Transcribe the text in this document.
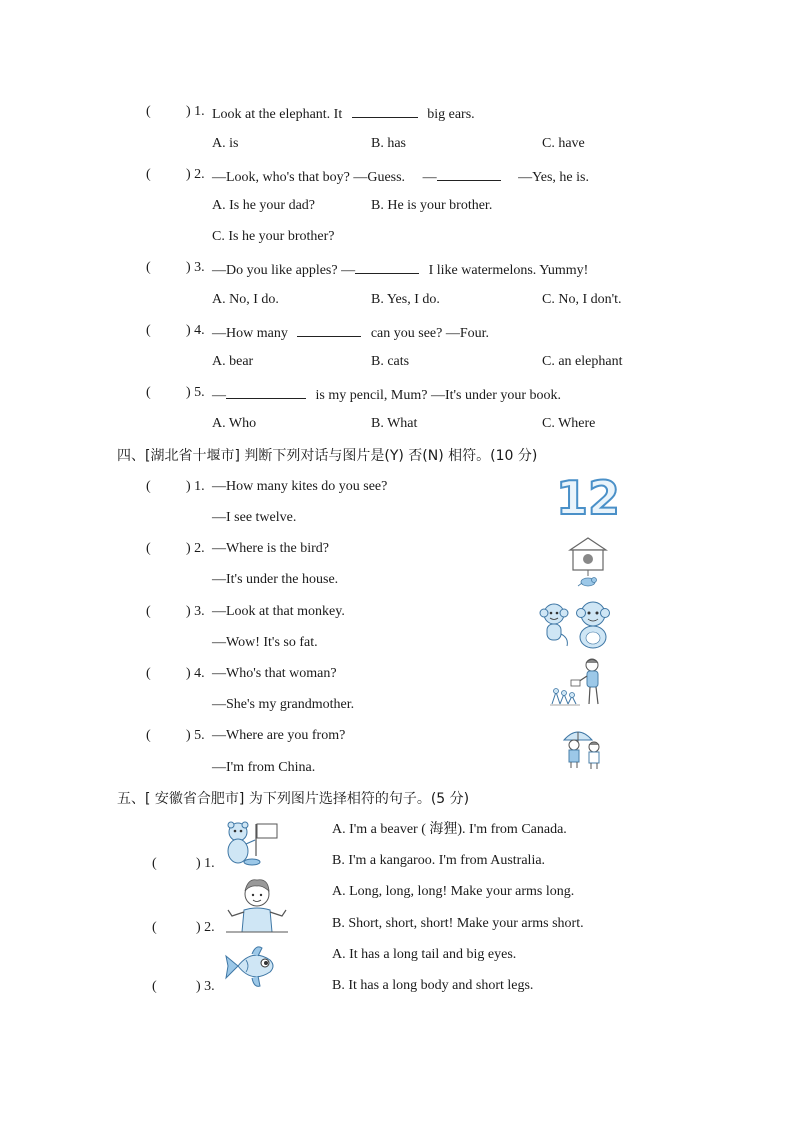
(	) 1. Look at the elephant. It	big ears.
A. is	B. has	C. have
(	) 2. —Look, who's that boy? —Guess. —	—Yes, he is.
A. Is he your dad?	B. He is your brother.
C. Is he your brother?
(	) 3. —Do you like apples? —	I like watermelons. Yummy!
A. No, I do.	B. Yes, I do.	C. No, I don't.
(	) 4. —How many	can you see? —Four.
A. bear	B. cats	C. an elephant
(	) 5. —	is my pencil, Mum? —It's under your book.
A. Who	B. What	C. Where
四、[湖北省十堰市] 判断下列对话与图片是(Y) 否(N) 相符。(10 分)
(	) 1. —How many kites do you see?
—I see twelve.
(	) 2. —Where is the bird?
—It's under the house.
(	) 3. —Look at that monkey.
—Wow! It's so fat.
(	) 4. —Who's that woman?
—She's my grandmother.
(	) 5. —Where are you from?
—I'm from China.
12
五、[ 安徽省合肥市] 为下列图片选择相符的句子。(5 分)
(	) 1.
A. I'm a beaver ( 海狸). I'm from Canada.
B. I'm a kangaroo. I'm from Australia.
(	) 2.
A. Long, long, long! Make your arms long.
B. Short, short, short! Make your arms short.
(	) 3.
A. It has a long tail and big eyes.
B. It has a long body and short legs.
